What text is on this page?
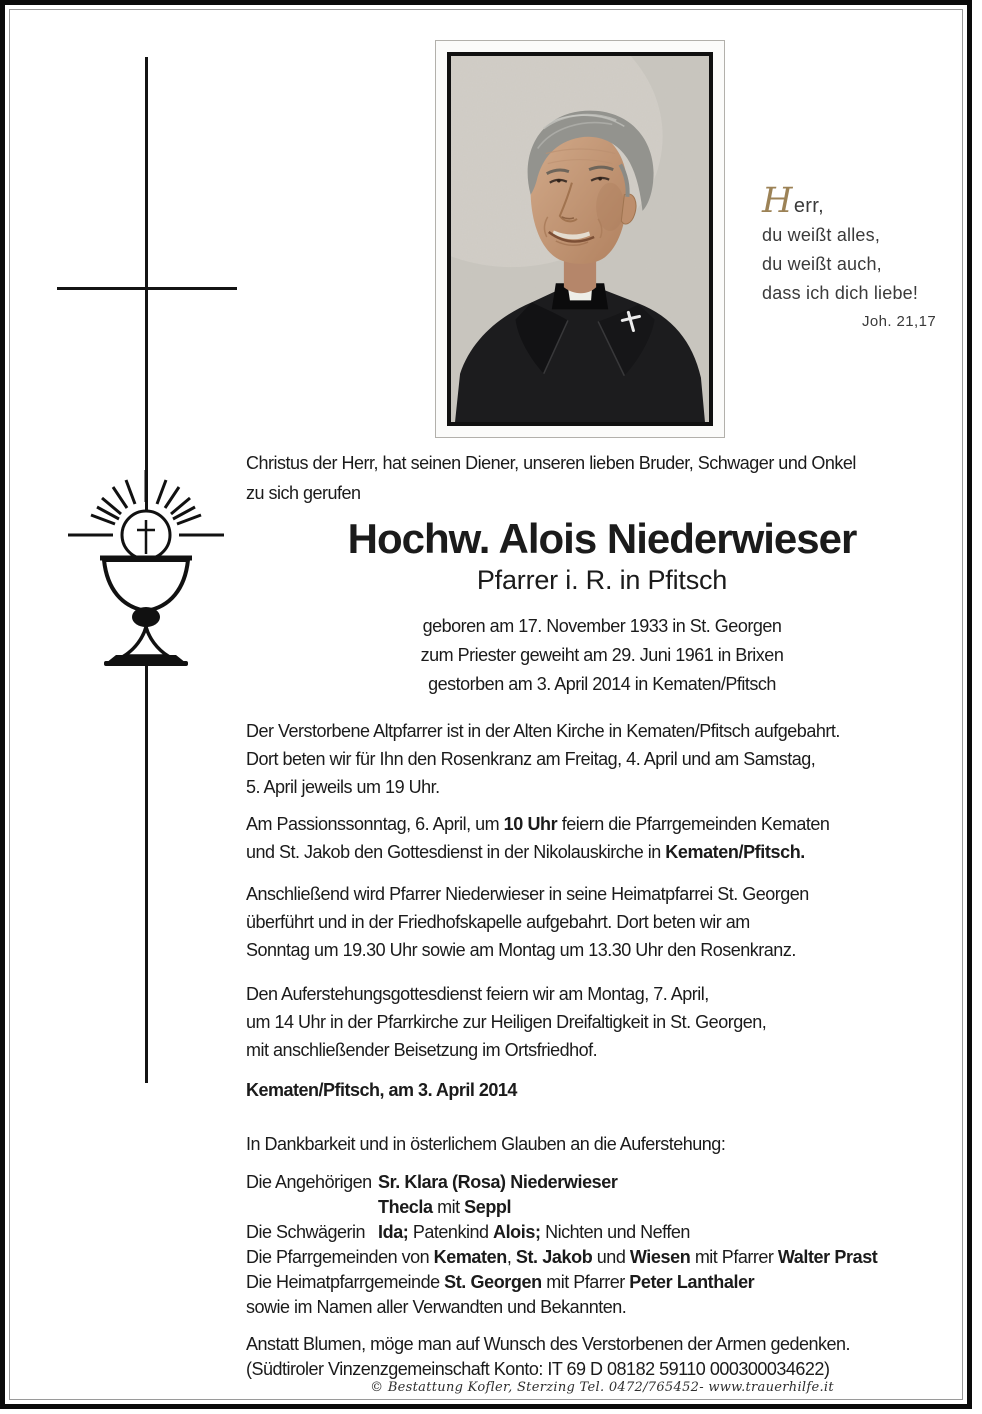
Herr,
du weißt alles,
du weißt auch,
dass ich dich liebe!
Joh. 21,17
Christus der Herr, hat seinen Diener, unseren lieben Bruder, Schwager und Onkel
zu sich gerufen
Hochw. Alois Niederwieser
Pfarrer i. R. in Pfitsch
geboren am 17. November 1933 in St. Georgen
zum Priester geweiht am 29. Juni 1961 in Brixen
gestorben am 3. April 2014 in Kematen/Pfitsch
Der Verstorbene Altpfarrer ist in der Alten Kirche in Kematen/Pfitsch aufgebahrt.
Dort beten wir für Ihn den Rosenkranz am Freitag, 4. April und am Samstag,
5. April jeweils um 19 Uhr.
Am Passionssonntag, 6. April, um 10 Uhr feiern die Pfarrgemeinden Kematen
und St. Jakob den Gottesdienst in der Nikolauskirche in Kematen/Pfitsch.
Anschließend wird Pfarrer Niederwieser in seine Heimatpfarrei St. Georgen
überführt und in der Friedhofskapelle aufgebahrt. Dort beten wir am
Sonntag um 19.30 Uhr sowie am Montag um 13.30 Uhr den Rosenkranz.
Den Auferstehungsgottesdienst feiern wir am Montag, 7. April,
um 14 Uhr in der Pfarrkirche zur Heiligen Dreifaltigkeit in St. Georgen,
mit anschließender Beisetzung im Ortsfriedhof.
Kematen/Pfitsch, am 3. April 2014
In Dankbarkeit und in österlichem Glauben an die Auferstehung:
Die Angehörigen Sr. Klara (Rosa) Niederwieser
Thecla mit Seppl
Die Schwägerin Ida; Patenkind Alois; Nichten und Neffen
Die Pfarrgemeinden von Kematen, St. Jakob und Wiesen mit Pfarrer Walter Prast
Die Heimatpfarrgemeinde St. Georgen mit Pfarrer Peter Lanthaler
sowie im Namen aller Verwandten und Bekannten.
Anstatt Blumen, möge man auf Wunsch des Verstorbenen der Armen gedenken.
(Südtiroler Vinzenzgemeinschaft Konto: IT 69 D 08182 59110 000300034622)
© Bestattung Kofler, Sterzing Tel. 0472/765452- www.trauerhilfe.it
